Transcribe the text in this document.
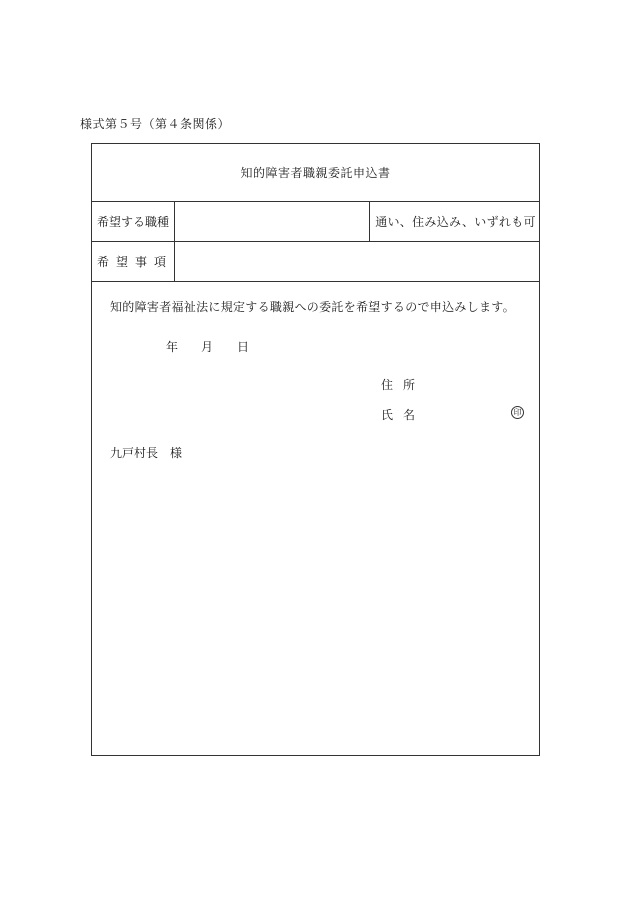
様式第５号（第４条関係）
知的障害者職親委託申込書
希望する職種	通い、住み込み、いずれも可
希望事項
知的障害者福祉法に規定する職親への委託を希望するので申込みします。
年 月 日
住所
氏名	印
九戸村長　様
